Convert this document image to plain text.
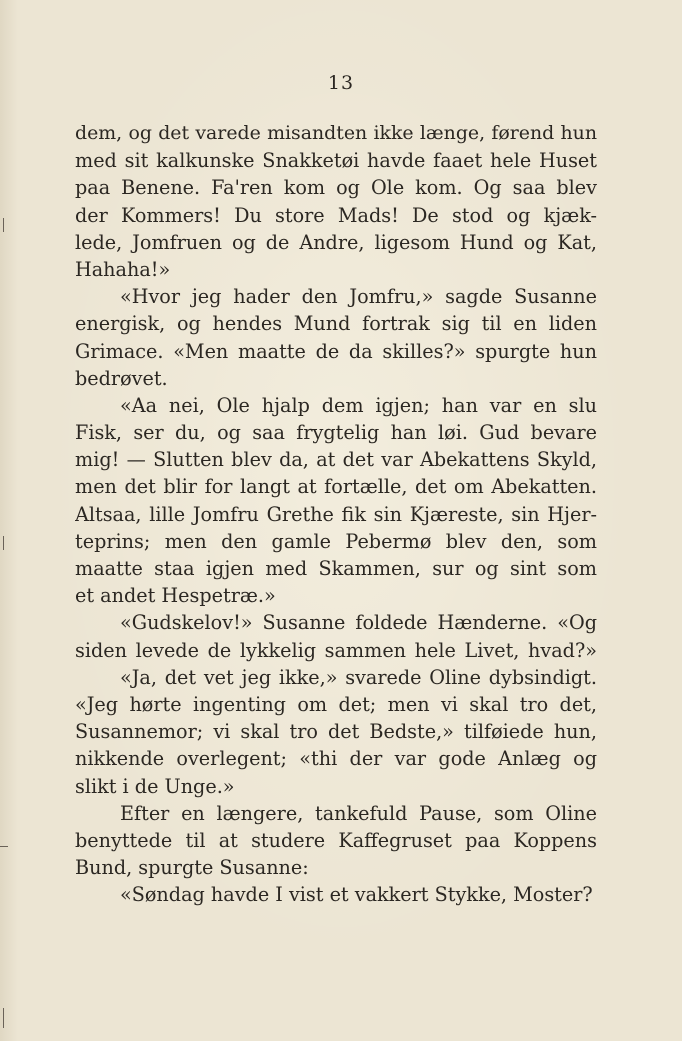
13
dem, og det varede misandten ikke længe, førend hun
med sit kalkunske Snakketøi havde faaet hele Huset
paa Benene. Fa'ren kom og Ole kom. Og saa blev
der Kommers! Du store Mads! De stod og kjæk-
lede, Jomfruen og de Andre, ligesom Hund og Kat,
Hahaha!»
«Hvor jeg hader den Jomfru,» sagde Susanne
energisk, og hendes Mund fortrak sig til en liden
Grimace. «Men maatte de da skilles?» spurgte hun
bedrøvet.
«Aa nei, Ole hjalp dem igjen; han var en slu
Fisk, ser du, og saa frygtelig han løi. Gud bevare
mig! — Slutten blev da, at det var Abekattens Skyld,
men det blir for langt at fortælle, det om Abekatten.
Altsaa, lille Jomfru Grethe fik sin Kjæreste, sin Hjer-
teprins; men den gamle Pebermø blev den, som
maatte staa igjen med Skammen, sur og sint som
et andet Hespetræ.»
«Gudskelov!» Susanne foldede Hænderne. «Og
siden levede de lykkelig sammen hele Livet, hvad?»
«Ja, det vet jeg ikke,» svarede Oline dybsindigt.
«Jeg hørte ingenting om det; men vi skal tro det,
Susannemor; vi skal tro det Bedste,» tilføiede hun,
nikkende overlegent; «thi der var gode Anlæg og
slikt i de Unge.»
Efter en længere, tankefuld Pause, som Oline
benyttede til at studere Kaffegruset paa Koppens
Bund, spurgte Susanne:
«Søndag havde I vist et vakkert Stykke, Moster?
